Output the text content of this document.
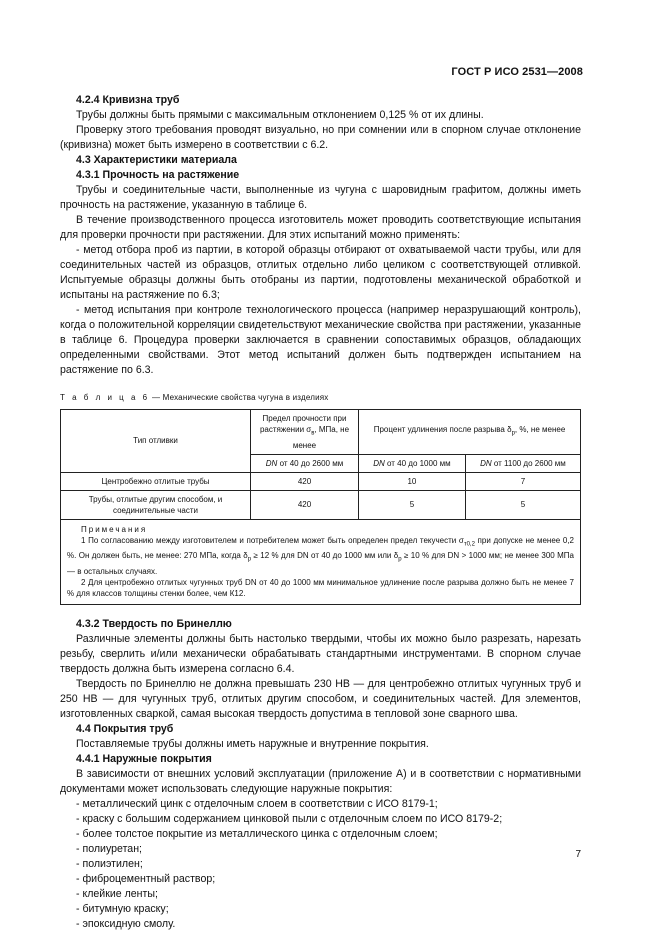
ГОСТ Р ИСО 2531—2008

4.2.4 Кривизна труб

Трубы должны быть прямыми с максимальным отклонением 0,125 % от их длины.

Проверку этого требования проводят визуально, но при сомнении или в спорном случае отклонение (кривизна) может быть измерено в соответствии с 6.2.

4.3 Характеристики материала

4.3.1 Прочность на растяжение

Трубы и соединительные части, выполненные из чугуна с шаровидным графитом, должны иметь прочность на растяжение, указанную в таблице 6.

В течение производственного процесса изготовитель может проводить соответствующие испытания для проверки прочности при растяжении. Для этих испытаний можно применять:

- метод отбора проб из партии, в которой образцы отбирают от охватываемой части трубы, или для соединительных частей из образцов, отлитых отдельно либо целиком с соответствующей отливкой. Испытуемые образцы должны быть отобраны из партии, подготовлены механической обработкой и испытаны на растяжение по 6.3;

- метод испытания при контроле технологического процесса (например неразрушающий контроль), когда о положительной корреляции свидетельствуют механические свойства при растяжении, указанные в таблице 6. Процедура проверки заключается в сравнении сопоставимых образцов, обладающих определенными свойствами. Этот метод испытаний должен быть подтвержден испытанием на растяжение по 6.3.

Т а б л и ц а 6 — Механические свойства чугуна в изделиях
Тип отливки	Предел прочности при растяжении $\sigma_в$, МПа, не менее	Процент удлинения после разрыва $\delta_р$, %, не менее	
	DN от 40 до 2600 мм	DN от 40 до 1000 мм	DN от 1100 до 2600 мм
Центробежно отлитые трубы	420	10	7
Трубы, отлитые другим способом, и соединительные части	420	5	5

Примечания
1 По согласованию между изготовителем и потребителем может быть определен предел текучести $\sigma_{т0,2}$ при допуске не менее 0,2 %. Он должен быть, не менее: 270 МПа, когда $\delta_р \ge 12$ % для DN от 40 до 1000 мм или $\delta_р \ge 10$ % для DN > 1000 мм; не менее 300 МПа — в остальных случаях.
2 Для центробежно отлитых чугунных труб DN от 40 до 1000 мм минимальное удлинение после разрыва должно быть не менее 7 % для классов толщины стенки более, чем К12.			

4.3.2 Твердость по Бринеллю

Различные элементы должны быть настолько твердыми, чтобы их можно было разрезать, нарезать резьбу, сверлить и/или механически обрабатывать стандартными инструментами. В спорном случае твердость должна быть измерена согласно 6.4.

Твердость по Бринеллю не должна превышать 230 НВ — для центробежно отлитых чугунных труб и 250 НВ — для чугунных труб, отлитых другим способом, и соединительных частей. Для элементов, изготовленных сваркой, самая высокая твердость допустима в тепловой зоне сварного шва.

4.4 Покрытия труб

Поставляемые трубы должны иметь наружные и внутренние покрытия.

4.4.1 Наружные покрытия

В зависимости от внешних условий эксплуатации (приложение А) и в соответствии с нормативными документами может использовать следующие наружные покрытия:

- металлический цинк с отделочным слоем в соответствии с ИСО 8179-1;

- краску с большим содержанием цинковой пыли с отделочным слоем по ИСО 8179-2;

- более толстое покрытие из металлического цинка с отделочным слоем;

- полиуретан;

- полиэтилен;

- фиброцементный раствор;

- клейкие ленты;

- битумную краску;

- эпоксидную смолу.

7
